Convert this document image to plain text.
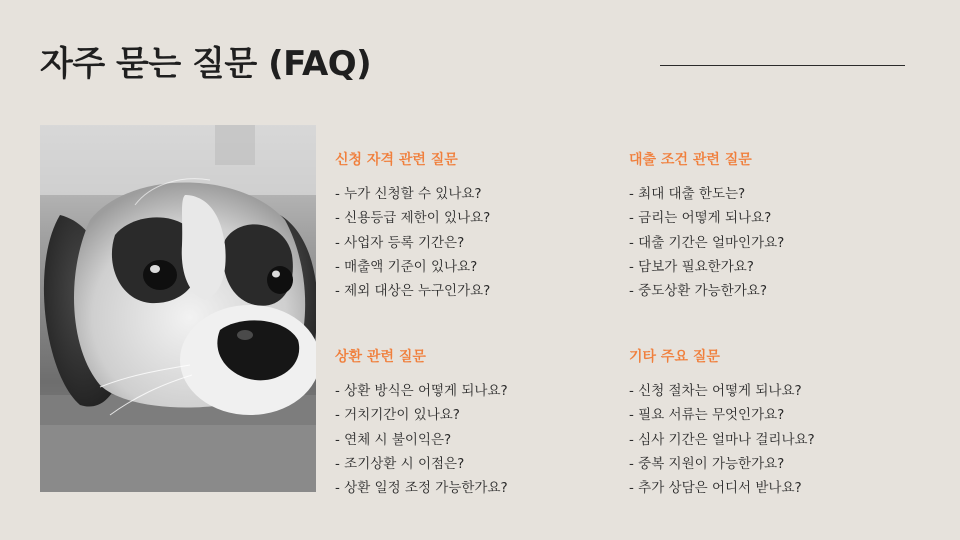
자주 묻는 질문 (FAQ)
신청 자격 관련 질문
- 누가 신청할 수 있나요?
- 신용등급 제한이 있나요?
- 사업자 등록 기간은?
- 매출액 기준이 있나요?
- 제외 대상은 누구인가요?
대출 조건 관련 질문
- 최대 대출 한도는?
- 금리는 어떻게 되나요?
- 대출 기간은 얼마인가요?
- 담보가 필요한가요?
- 중도상환 가능한가요?
상환 관련 질문
- 상환 방식은 어떻게 되나요?
- 거치기간이 있나요?
- 연체 시 불이익은?
- 조기상환 시 이점은?
- 상환 일정 조정 가능한가요?
기타 주요 질문
- 신청 절차는 어떻게 되나요?
- 필요 서류는 무엇인가요?
- 심사 기간은 얼마나 걸리나요?
- 중복 지원이 가능한가요?
- 추가 상담은 어디서 받나요?
